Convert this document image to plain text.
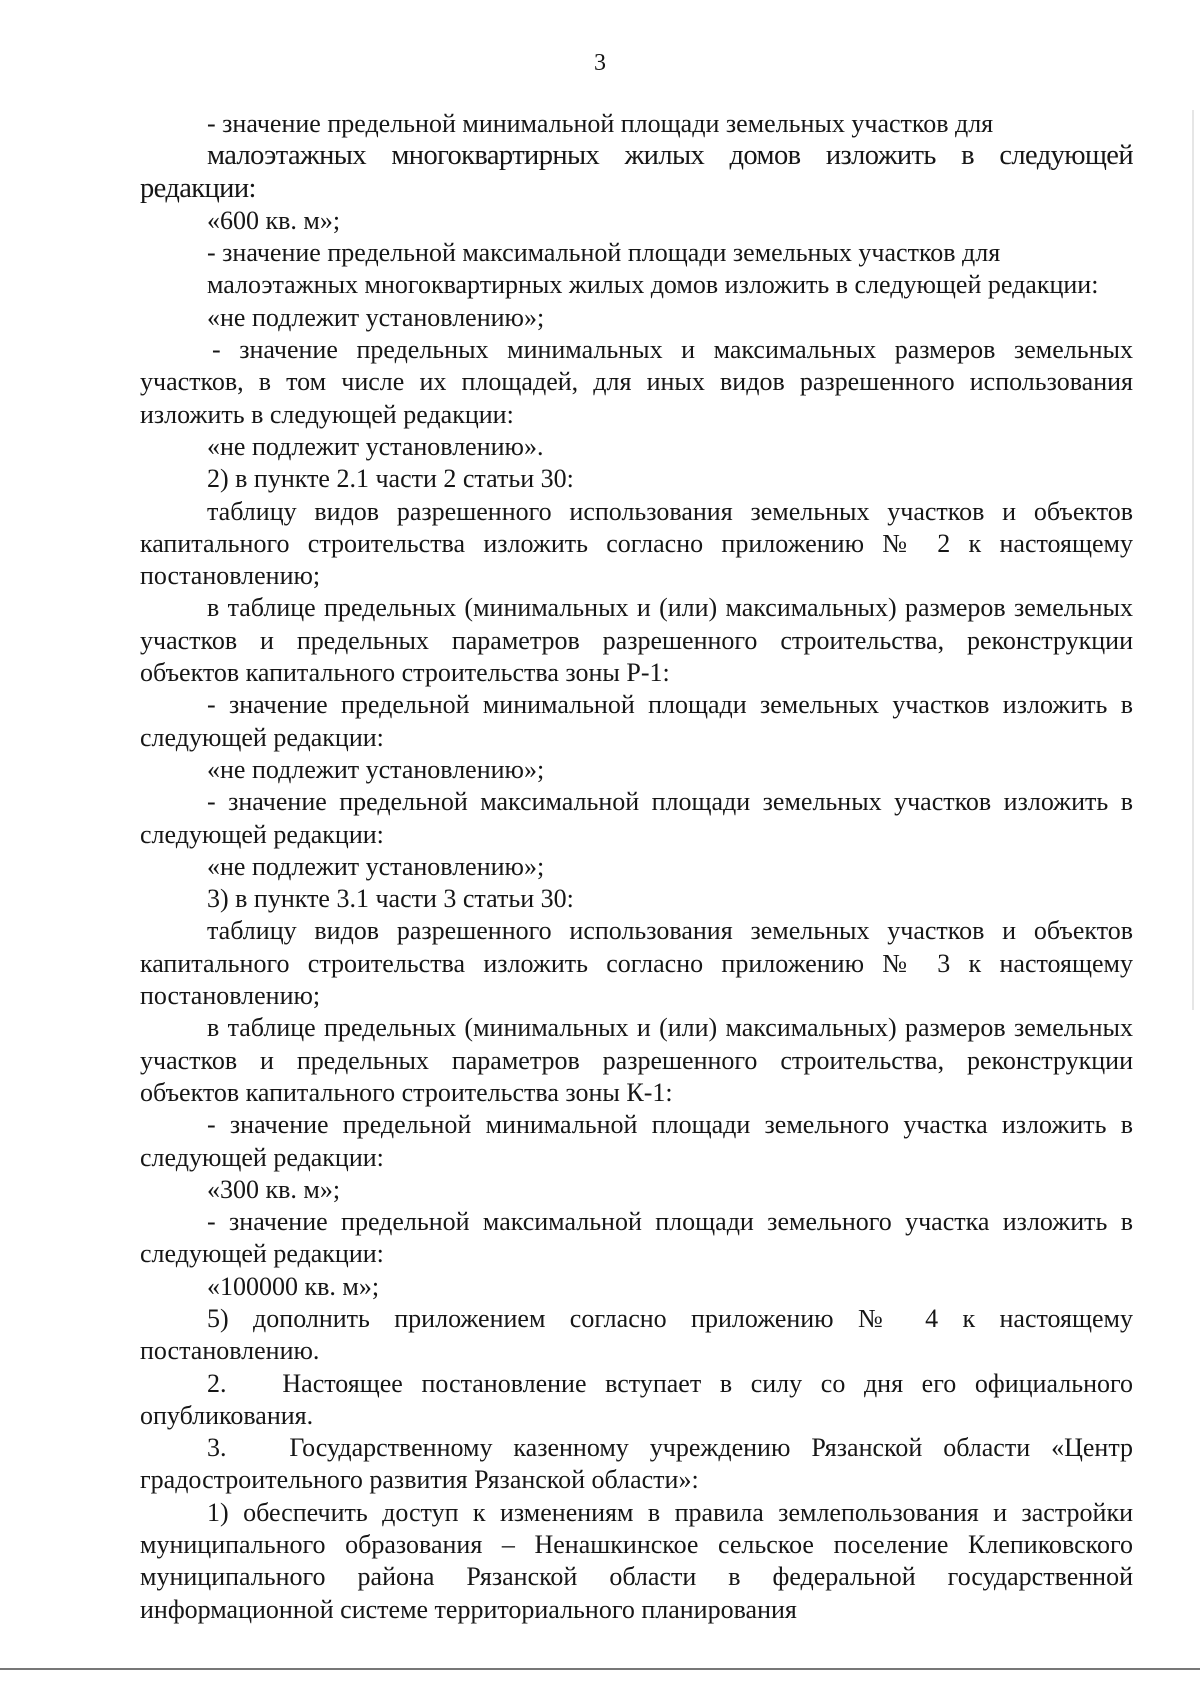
3

- значение предельной минимальной площади земельных участков для
малоэтажных многоквартирных жилых домов изложить в следующей редакции:

«600 кв. м»;

- значение предельной максимальной площади земельных участков для
малоэтажных многоквартирных жилых домов изложить в следующей редакции:

«не подлежит установлению»;

- значение предельных минимальных и максимальных размеров земельных участков, в том числе их площадей, для иных видов разрешенного использования изложить в следующей редакции:

«не подлежит установлению».

2) в пункте 2.1 части 2 статьи 30:

таблицу видов разрешенного использования земельных участков и объектов капитального строительства изложить согласно приложению № 2 к настоящему постановлению;

в таблице предельных (минимальных и (или) максимальных) размеров земельных участков и предельных параметров разрешенного строительства, реконструкции объектов капитального строительства зоны Р-1:

- значение предельной минимальной площади земельных участков изложить в следующей редакции:

«не подлежит установлению»;

- значение предельной максимальной площади земельных участков изложить в следующей редакции:

«не подлежит установлению»;

3) в пункте 3.1 части 3 статьи 30:

таблицу видов разрешенного использования земельных участков и объектов капитального строительства изложить согласно приложению № 3 к настоящему постановлению;

в таблице предельных (минимальных и (или) максимальных) размеров земельных участков и предельных параметров разрешенного строительства, реконструкции объектов капитального строительства зоны К-1:

- значение предельной минимальной площади земельного участка изложить в следующей редакции:

«300 кв. м»;

- значение предельной максимальной площади земельного участка изложить в следующей редакции:

«100000 кв. м»;

5) дополнить приложением согласно приложению № 4 к настоящему постановлению.

2.   Настоящее постановление вступает в силу со дня его официального опубликования.

3.   Государственному казенному учреждению Рязанской области «Центр градостроительного развития Рязанской области»:

1) обеспечить доступ к изменениям в правила землепользования и застройки муниципального образования – Ненашкинское сельское поселение Клепиковского муниципального района Рязанской области в федеральной государственной информационной системе территориального планирования
